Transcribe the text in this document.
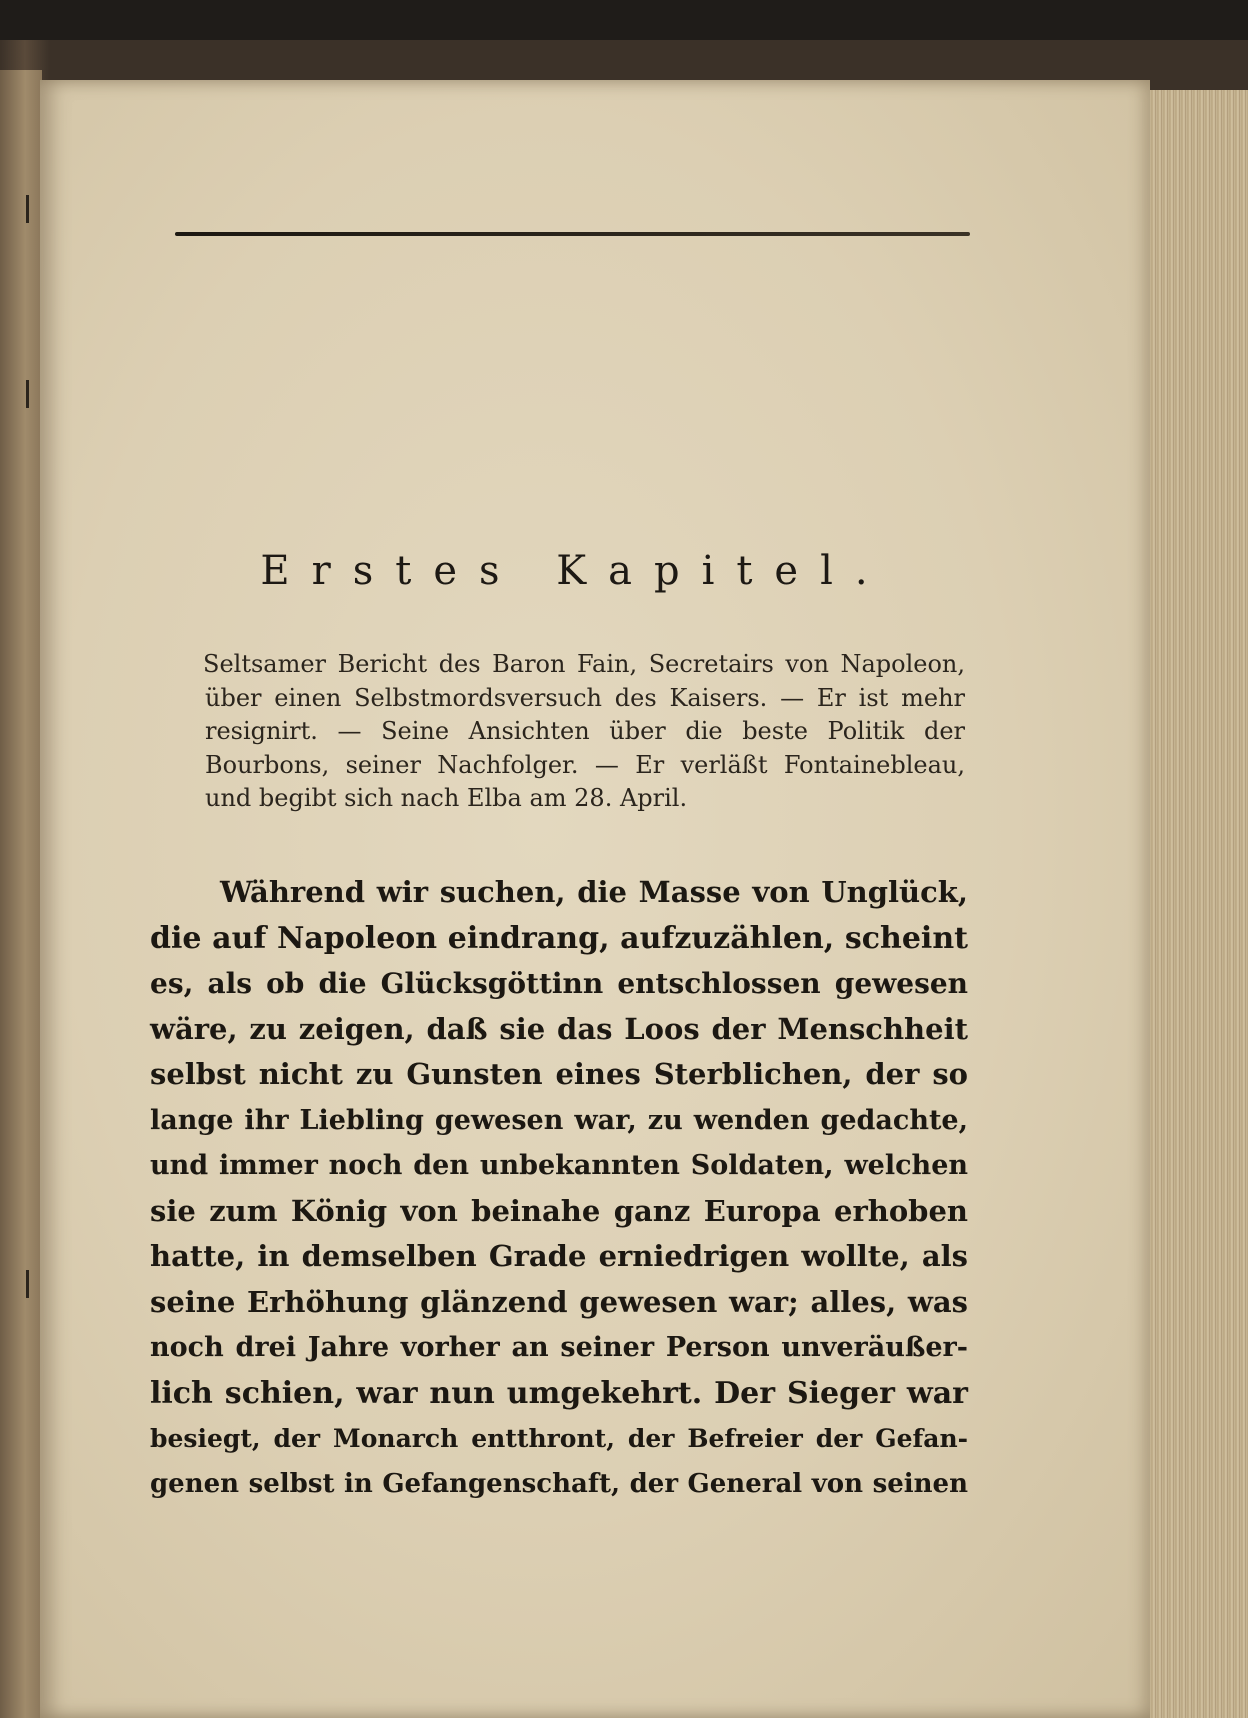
Erstes Kapitel.

Seltsamer Bericht des Baron Fain, Secretairs von Napoleon, über einen Selbstmordsversuch des Kaisers. — Er ist mehr resignirt. — Seine Ansichten über die beste Politik der Bourbons, seiner Nachfolger. — Er verläßt Fontainebleau, und begibt sich nach Elba am 28. April.

Während wir suchen, die Masse von Unglück,
die auf Napoleon eindrang, aufzuzählen, scheint
es, als ob die Glücksgöttinn entschlossen gewesen
wäre, zu zeigen, daß sie das Loos der Menschheit
selbst nicht zu Gunsten eines Sterblichen, der so
lange ihr Liebling gewesen war, zu wenden gedachte,
und immer noch den unbekannten Soldaten, welchen
sie zum König von beinahe ganz Europa erhoben
hatte, in demselben Grade erniedrigen wollte, als
seine Erhöhung glänzend gewesen war; alles, was
noch drei Jahre vorher an seiner Person unveräußer-
lich schien, war nun umgekehrt. Der Sieger war
besiegt, der Monarch entthront, der Befreier der Gefan-
genen selbst in Gefangenschaft, der General von seinen
